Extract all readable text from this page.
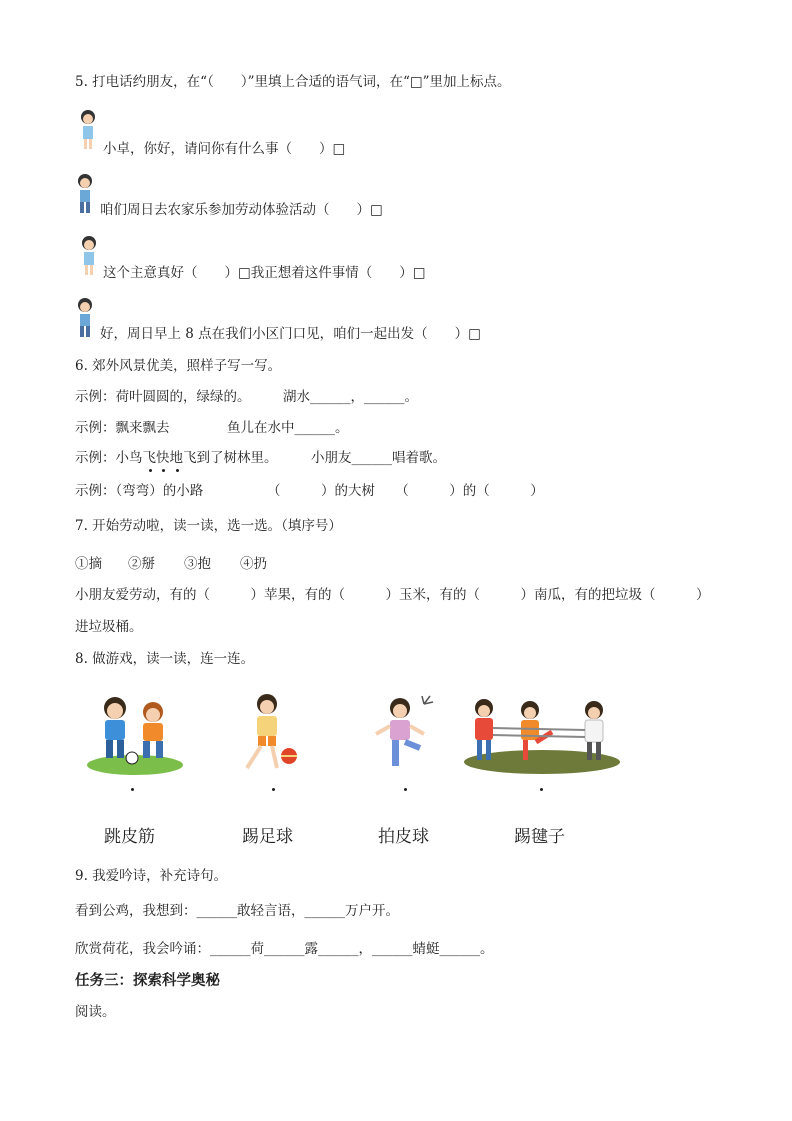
5. 打电话约朋友，在“（　　）”里填上合适的语气词，在“□”里加上标点。
小卓，你好，请问你有什么事（　　）□
咱们周日去农家乐参加劳动体验活动（　　）□
这个主意真好（　　）□我正想着这件事情（　　）□
好，周日早上 8 点在我们小区门口见，咱们一起出发（　　）□
6. 郊外风景优美，照样子写一写。
示例：荷叶圆圆的，绿绿的。 湖水______，______。
示例：飘来飘去	鱼儿在水中______。
示例：小鸟飞快地飞到了树林里。 小朋友______唱着歌。
示例：（弯弯）的小路	（　　　）的大树　　（　　　）的（　　　）
7. 开始劳动啦，读一读，选一选。（填序号）
①摘 ②掰 ③抱 ④扔
小朋友爱劳动，有的（　　　）苹果，有的（　　　）玉米，有的（　　　）南瓜，有的把垃圾（　　　）
进垃圾桶。
8. 做游戏，读一读，连一连。
跳皮筋	踢足球	拍皮球	踢毽子
9. 我爱吟诗，补充诗句。
看到公鸡，我想到：______敢轻言语，______万户开。
欣赏荷花，我会吟诵：______荷______露______，______蜻蜓______。
任务三：探索科学奥秘
阅读。
